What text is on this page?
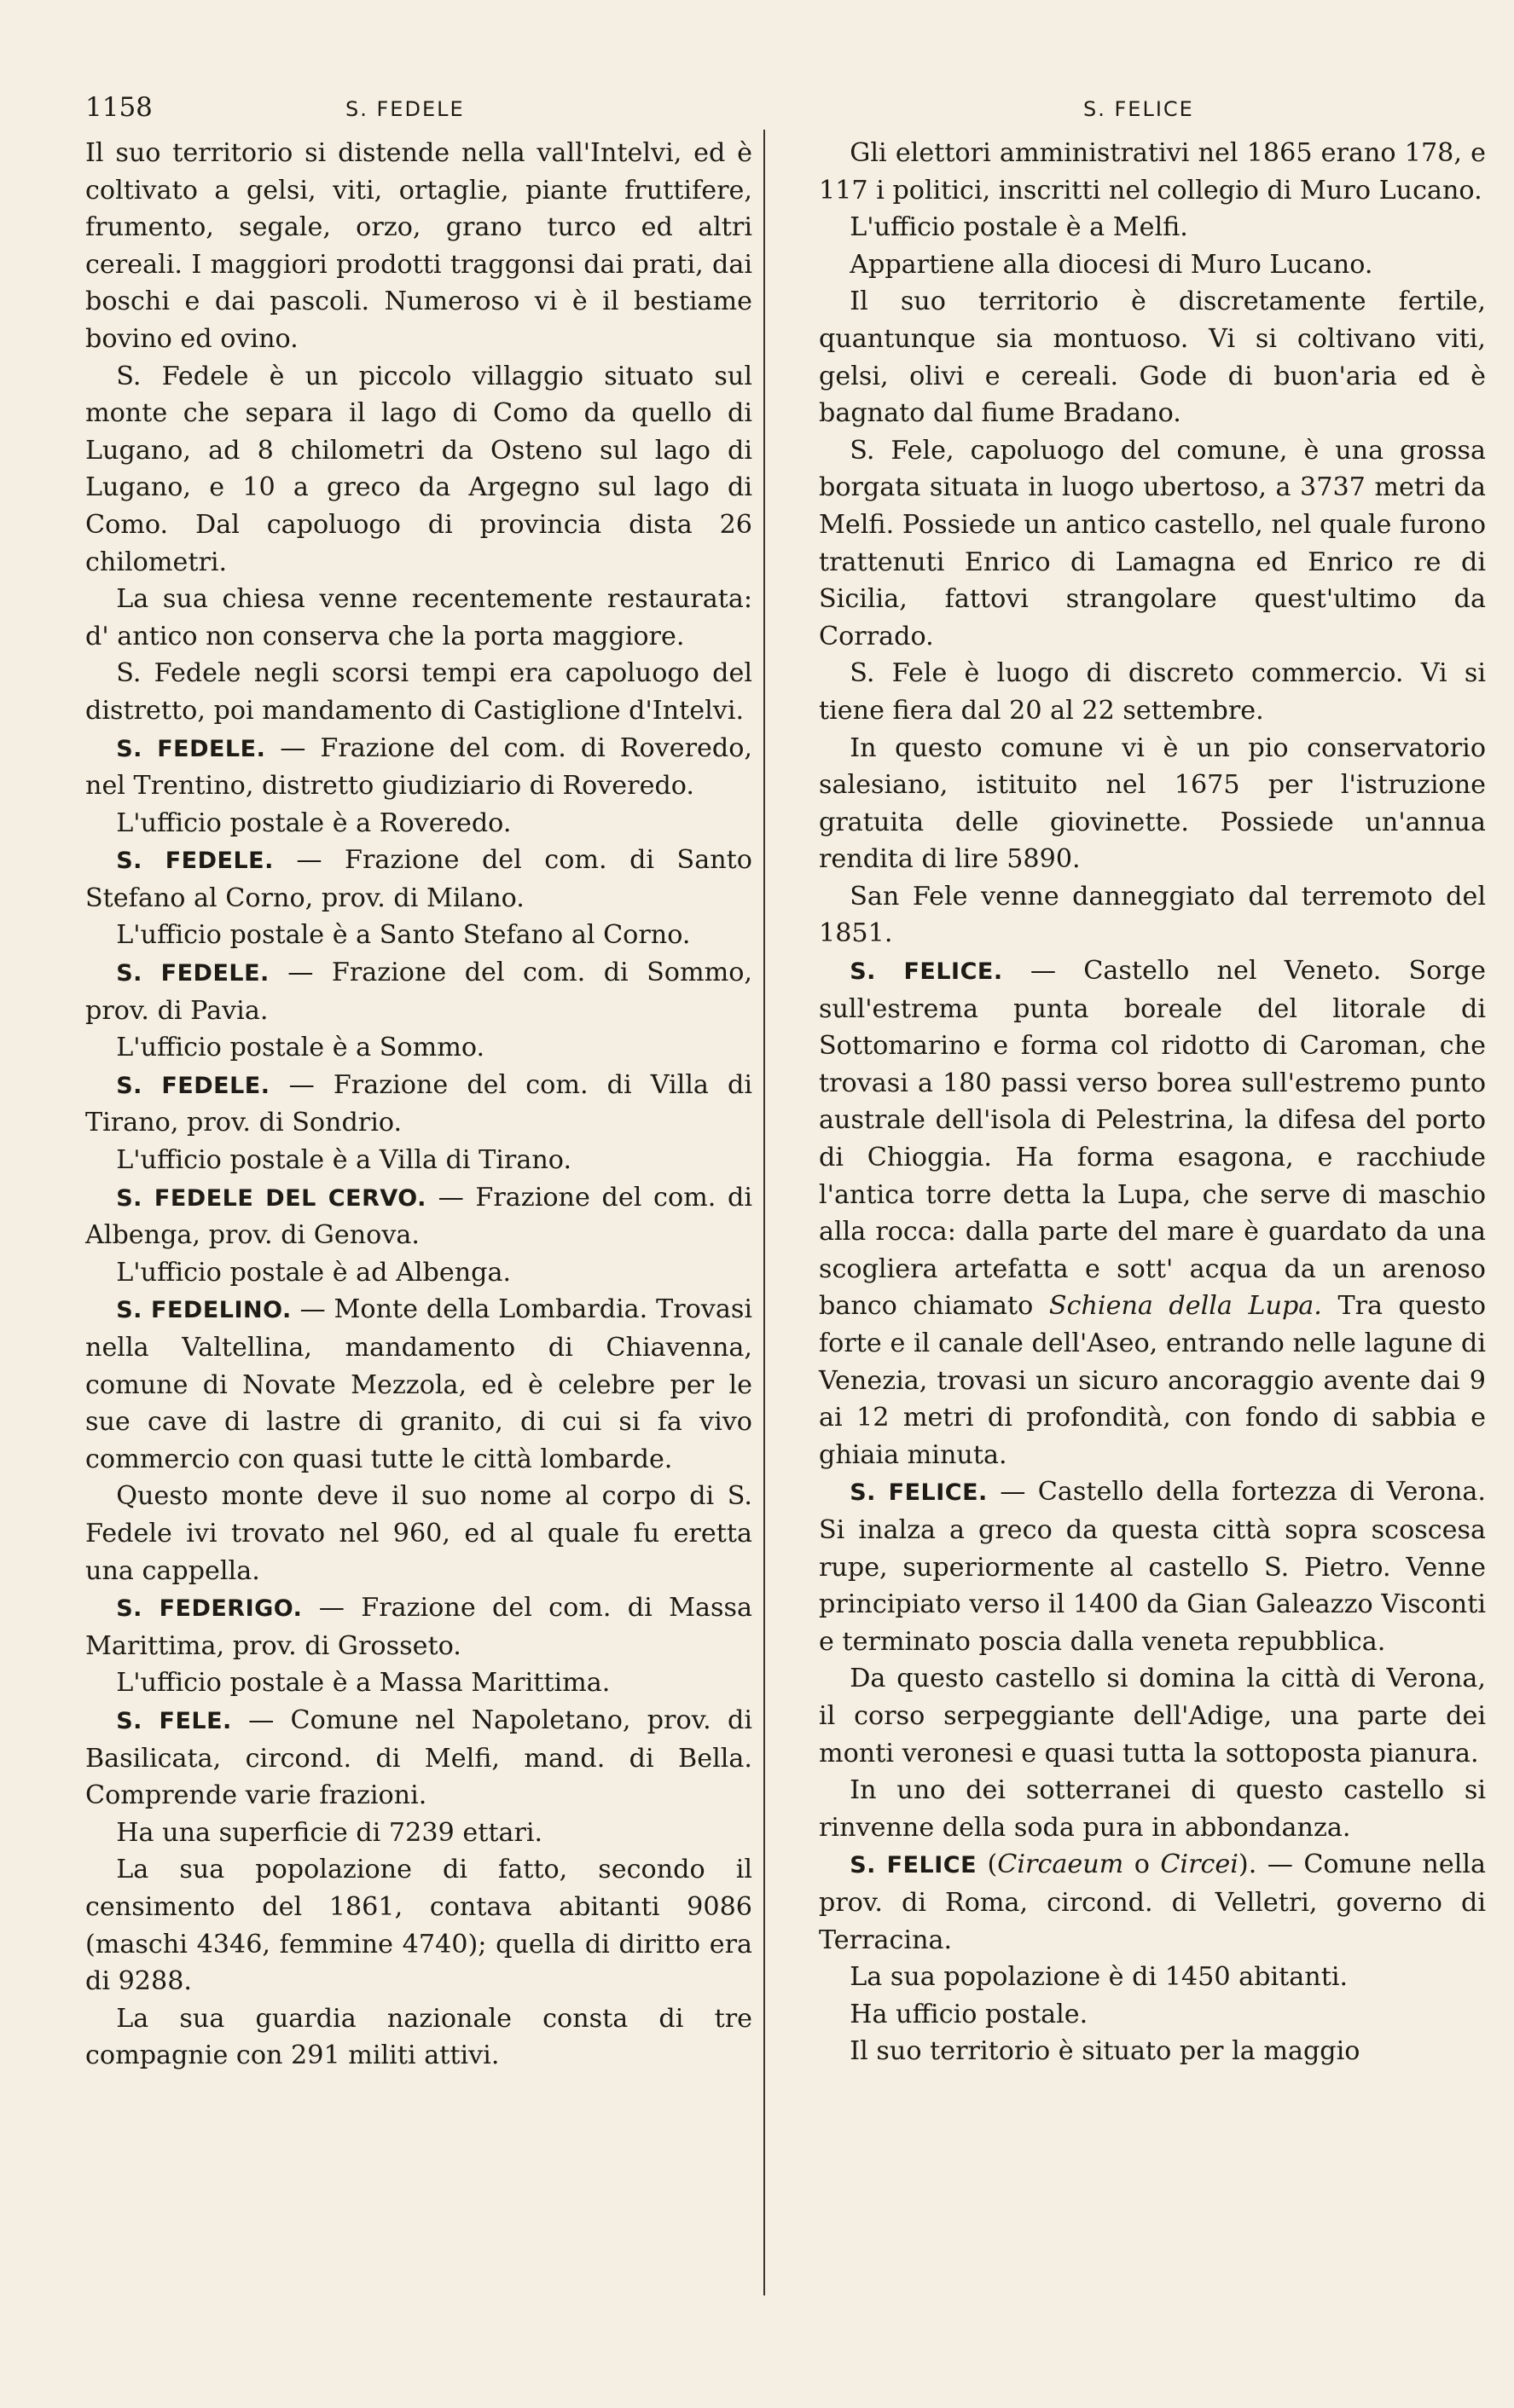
1158	S. FEDELE	S. FELICE

Il suo territorio si distende nella vall'Intelvi, ed è coltivato a gelsi, viti, ortaglie, piante fruttifere, frumento, segale, orzo, grano turco ed altri cereali. I maggiori prodotti traggonsi dai prati, dai boschi e dai pascoli. Numeroso vi è il bestiame bovino ed ovino.

S. Fedele è un piccolo villaggio situato sul monte che separa il lago di Como da quello di Lugano, ad 8 chilometri da Osteno sul lago di Lugano, e 10 a greco da Argegno sul lago di Como. Dal capoluogo di provincia dista 26 chilometri.

La sua chiesa venne recentemente restaurata: d' antico non conserva che la porta maggiore.

S. Fedele negli scorsi tempi era capoluogo del distretto, poi mandamento di Castiglione d'Intelvi.

S. FEDELE. — Frazione del com. di Roveredo, nel Trentino, distretto giudiziario di Roveredo.

L'ufficio postale è a Roveredo.

S. FEDELE. — Frazione del com. di Santo Stefano al Corno, prov. di Milano.

L'ufficio postale è a Santo Stefano al Corno.

S. FEDELE. — Frazione del com. di Sommo, prov. di Pavia.

L'ufficio postale è a Sommo.

S. FEDELE. — Frazione del com. di Villa di Tirano, prov. di Sondrio.

L'ufficio postale è a Villa di Tirano.

S. FEDELE DEL CERVO. — Frazione del com. di Albenga, prov. di Genova.

L'ufficio postale è ad Albenga.

S. FEDELINO. — Monte della Lombardia. Trovasi nella Valtellina, mandamento di Chiavenna, comune di Novate Mezzola, ed è celebre per le sue cave di lastre di granito, di cui si fa vivo commercio con quasi tutte le città lombarde.

Questo monte deve il suo nome al corpo di S. Fedele ivi trovato nel 960, ed al quale fu eretta una cappella.

S. FEDERIGO. — Frazione del com. di Massa Marittima, prov. di Grosseto.

L'ufficio postale è a Massa Marittima.

S. FELE. — Comune nel Napoletano, prov. di Basilicata, circond. di Melfi, mand. di Bella. Comprende varie frazioni.

Ha una superficie di 7239 ettari.

La sua popolazione di fatto, secondo il censimento del 1861, contava abitanti 9086 (maschi 4346, femmine 4740); quella di diritto era di 9288.

La sua guardia nazionale consta di tre compagnie con 291 militi attivi.

Gli elettori amministrativi nel 1865 erano 178, e 117 i politici, inscritti nel collegio di Muro Lucano.

L'ufficio postale è a Melfi.

Appartiene alla diocesi di Muro Lucano.

Il suo territorio è discretamente fertile, quantunque sia montuoso. Vi si coltivano viti, gelsi, olivi e cereali. Gode di buon'aria ed è bagnato dal fiume Bradano.

S. Fele, capoluogo del comune, è una grossa borgata situata in luogo ubertoso, a 3737 metri da Melfi. Possiede un antico castello, nel quale furono trattenuti Enrico di Lamagna ed Enrico re di Sicilia, fattovi strangolare quest'ultimo da Corrado.

S. Fele è luogo di discreto commercio. Vi si tiene fiera dal 20 al 22 settembre.

In questo comune vi è un pio conservatorio salesiano, istituito nel 1675 per l'istruzione gratuita delle giovinette. Possiede un'annua rendita di lire 5890.

San Fele venne danneggiato dal terremoto del 1851.

S. FELICE. — Castello nel Veneto. Sorge sull'estrema punta boreale del litorale di Sottomarino e forma col ridotto di Caroman, che trovasi a 180 passi verso borea sull'estremo punto australe dell'isola di Pelestrina, la difesa del porto di Chioggia. Ha forma esagona, e racchiude l'antica torre detta la Lupa, che serve di maschio alla rocca: dalla parte del mare è guardato da una scogliera artefatta e sott' acqua da un arenoso banco chiamato Schiena della Lupa. Tra questo forte e il canale dell'Aseo, entrando nelle lagune di Venezia, trovasi un sicuro ancoraggio avente dai 9 ai 12 metri di profondità, con fondo di sabbia e ghiaia minuta.

S. FELICE. — Castello della fortezza di Verona. Si inalza a greco da questa città sopra scoscesa rupe, superiormente al castello S. Pietro. Venne principiato verso il 1400 da Gian Galeazzo Visconti e terminato poscia dalla veneta repubblica.

Da questo castello si domina la città di Verona, il corso serpeggiante dell'Adige, una parte dei monti veronesi e quasi tutta la sottoposta pianura.

In uno dei sotterranei di questo castello si rinvenne della soda pura in abbondanza.

S. FELICE (Circaeum o Circei). — Comune nella prov. di Roma, circond. di Velletri, governo di Terracina.

La sua popolazione è di 1450 abitanti.

Ha ufficio postale.

Il suo territorio è situato per la maggio
